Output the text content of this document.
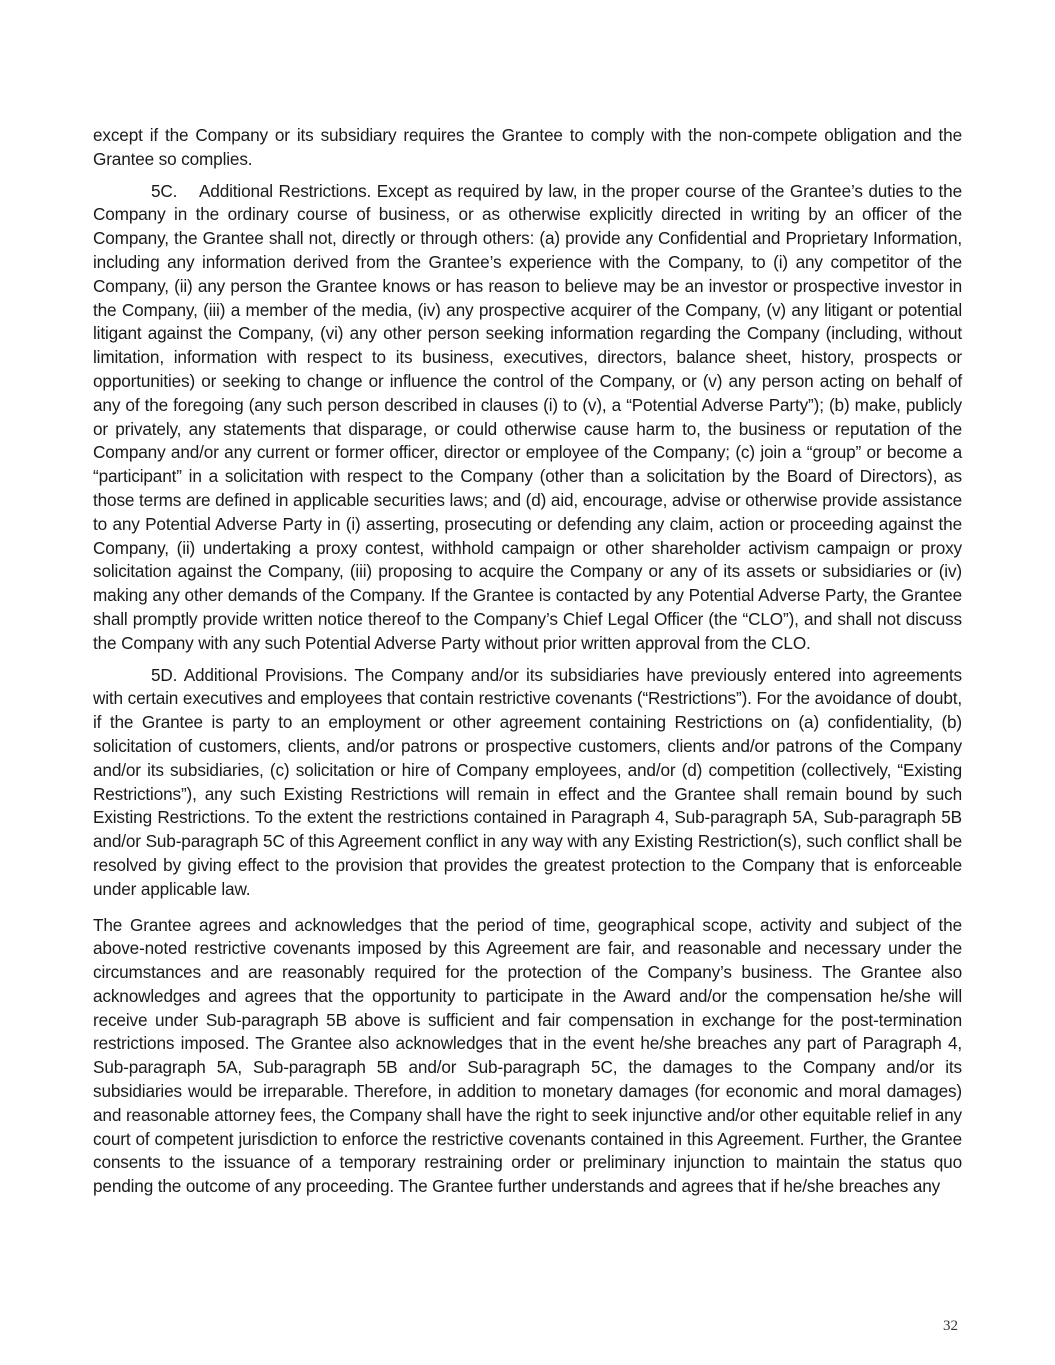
except if the Company or its subsidiary requires the Grantee to comply with the non-compete obligation and the Grantee so complies.

5C.  Additional Restrictions. Except as required by law, in the proper course of the Grantee’s duties to the Company in the ordinary course of business, or as otherwise explicitly directed in writing by an officer of the Company, the Grantee shall not, directly or through others: (a) provide any Confidential and Proprietary Information, including any information derived from the Grantee’s experience with the Company, to (i) any competitor of the Company, (ii) any person the Grantee knows or has reason to believe may be an investor or prospective investor in the Company, (iii) a member of the media, (iv) any prospective acquirer of the Company, (v) any litigant or potential litigant against the Company, (vi) any other person seeking information regarding the Company (including, without limitation, information with respect to its business, executives, directors, balance sheet, history, prospects or opportunities) or seeking to change or influence the control of the Company, or (v) any person acting on behalf of any of the foregoing (any such person described in clauses (i) to (v), a “Potential Adverse Party”); (b) make, publicly or privately, any statements that disparage, or could otherwise cause harm to, the business or reputation of the Company and/or any current or former officer, director or employee of the Company; (c) join a “group” or become a “participant” in a solicitation with respect to the Company (other than a solicitation by the Board of Directors), as those terms are defined in applicable securities laws; and (d) aid, encourage, advise or otherwise provide assistance to any Potential Adverse Party in (i) asserting, prosecuting or defending any claim, action or proceeding against the Company, (ii) undertaking a proxy contest, withhold campaign or other shareholder activism campaign or proxy solicitation against the Company, (iii) proposing to acquire the Company or any of its assets or subsidiaries or (iv) making any other demands of the Company. If the Grantee is contacted by any Potential Adverse Party, the Grantee shall promptly provide written notice thereof to the Company’s Chief Legal Officer (the “CLO”), and shall not discuss the Company with any such Potential Adverse Party without prior written approval from the CLO.

5D. Additional Provisions. The Company and/or its subsidiaries have previously entered into agreements with certain executives and employees that contain restrictive covenants (“Restrictions”). For the avoidance of doubt, if the Grantee is party to an employment or other agreement containing Restrictions on (a) confidentiality, (b) solicitation of customers, clients, and/or patrons or prospective customers, clients and/or patrons of the Company and/or its subsidiaries, (c) solicitation or hire of Company employees, and/or (d) competition (collectively, “Existing Restrictions”), any such Existing Restrictions will remain in effect and the Grantee shall remain bound by such Existing Restrictions. To the extent the restrictions contained in Paragraph 4, Sub-paragraph 5A, Sub-paragraph 5B and/or Sub-paragraph 5C of this Agreement conflict in any way with any Existing Restriction(s), such conflict shall be resolved by giving effect to the provision that provides the greatest protection to the Company that is enforceable under applicable law.

The Grantee agrees and acknowledges that the period of time, geographical scope, activity and subject of the above-noted restrictive covenants imposed by this Agreement are fair, and reasonable and necessary under the circumstances and are reasonably required for the protection of the Company’s business. The Grantee also acknowledges and agrees that the opportunity to participate in the Award and/or the compensation he/she will receive under Sub-paragraph 5B above is sufficient and fair compensation in exchange for the post-termination restrictions imposed. The Grantee also acknowledges that in the event he/she breaches any part of Paragraph 4, Sub-paragraph 5A, Sub-paragraph 5B and/or Sub-paragraph 5C, the damages to the Company and/or its subsidiaries would be irreparable. Therefore, in addition to monetary damages (for economic and moral damages) and reasonable attorney fees, the Company shall have the right to seek injunctive and/or other equitable relief in any court of competent jurisdiction to enforce the restrictive covenants contained in this Agreement. Further, the Grantee consents to the issuance of a temporary restraining order or preliminary injunction to maintain the status quo pending the outcome of any proceeding. The Grantee further understands and agrees that if he/she breaches any

32
